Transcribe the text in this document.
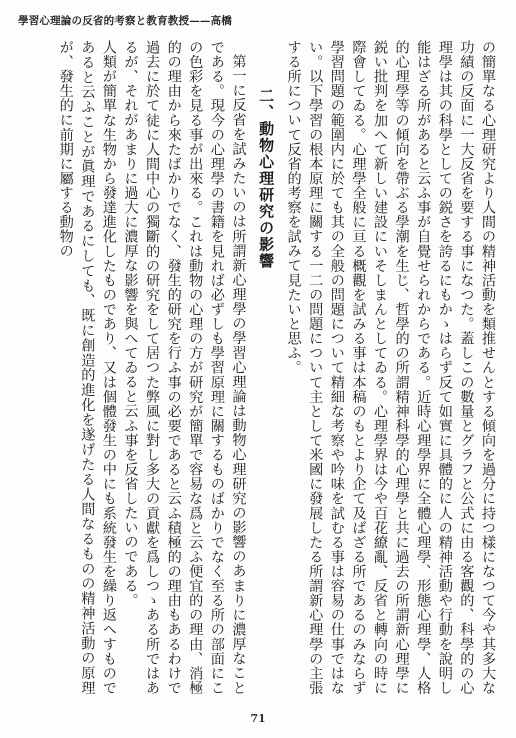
學習心理論の反省的考察と教育教授——高橋

の簡單なる心理研究より人間の精神活動を類推せんとする傾向を過分に持つ樣になつて今や其多大な功績の反面に一大反省を要する事になつた。蓋しこの數量とグラフと公式に由る客觀的、科學的の心理學は其の科學としての鋭さを誇るにもかゝはらず反て如實に具體的に人の精神活動や行動を說明し能はざる所があると云ふ事が自覺せられからである。近時心理學界に全體心理學、形態心理學、人格的心理學等の傾向を帶ぶる學潮を生じ、哲學的の所謂精神科學的心理學と共に過去の所謂新心理學に鋭い批判を加へて新しい建設にいそしまんとしてゐる。心理學界は今や百花繚亂、反省と轉向の時に際會してゐる。心理學全般に亘る概觀を試みる事は本稿のもとより企て及ばざる所であるのみならず學習問題の範圍内に於ても其の全般の問題について精細な考察や吟味を試むる事は容易の仕事ではない。以下學習の根本原理に關する一二の問題について主として米國に發展したる所謂新心理學の主張する所について反省的考察を試みて見たいと思ふ。

二、動物心理研究の影響

第一に反省を試みたいのは所謂新心理學の學習心理論は動物心理研究の影響のあまりに濃厚なことである。現今の心理學の書籍を見れば必ずしも學習原理に關するものばかりでなく至る所の部面にこの色彩を見る事が出來る。これは動物の心理の方が研究が簡單で容易な爲と云ふ便宜的の理由、消極的の理由から來たばかりでなく、發生的研究を行ふ事の必要であると云ふ積極的の理由もあるわけで過去に於て徒に人間中心の獨斷的の研究をして居つた弊風に對し多大の貢獻を爲しつゝある所ではあるが、それがあまりに過大に濃厚な影響を與へてゐると云ふ事を反省したいのである。

人類が簡單な生物から發達進化したものであり、又は個體發生の中にも系統發生を繰り返へすものであると云ふことが眞理であるにしても、既に創造的進化を遂げたる人間なるものの精神活動の原理が、發生的に前期に屬する動物の

71
